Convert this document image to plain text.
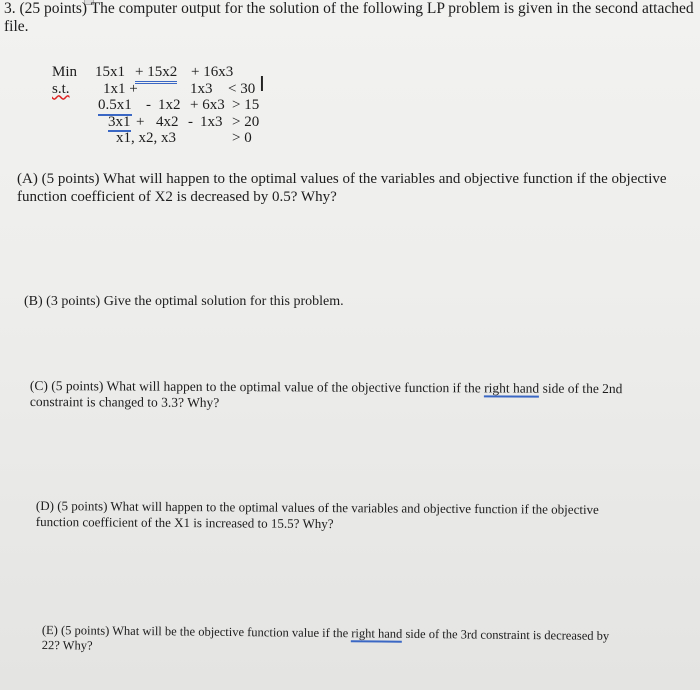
3. (25 points) The computer output for the solution of the following LP problem is given in the second attached
file.
Min 15x1 + 15x2 + 16x3
s.t. 1x1 +	1x3 < 30
0.5x1 - 1x2 + 6x3 > 15
3x1 + 4x2 - 1x3 > 20
x1, x2, x3	> 0
I
(A) (5 points) What will happen to the optimal values of the variables and objective function if the objective
function coefficient of X2 is decreased by 0.5? Why?
(B) (3 points) Give the optimal solution for this problem.
(C) (5 points) What will happen to the optimal value of the objective function if the right hand side of the 2nd
constraint is changed to 3.3? Why?
(D) (5 points) What will happen to the optimal values of the variables and objective function if the objective
function coefficient of the X1 is increased to 15.5? Why?
(E) (5 points) What will be the objective function value if the right hand side of the 3rd constraint is decreased by
22? Why?
